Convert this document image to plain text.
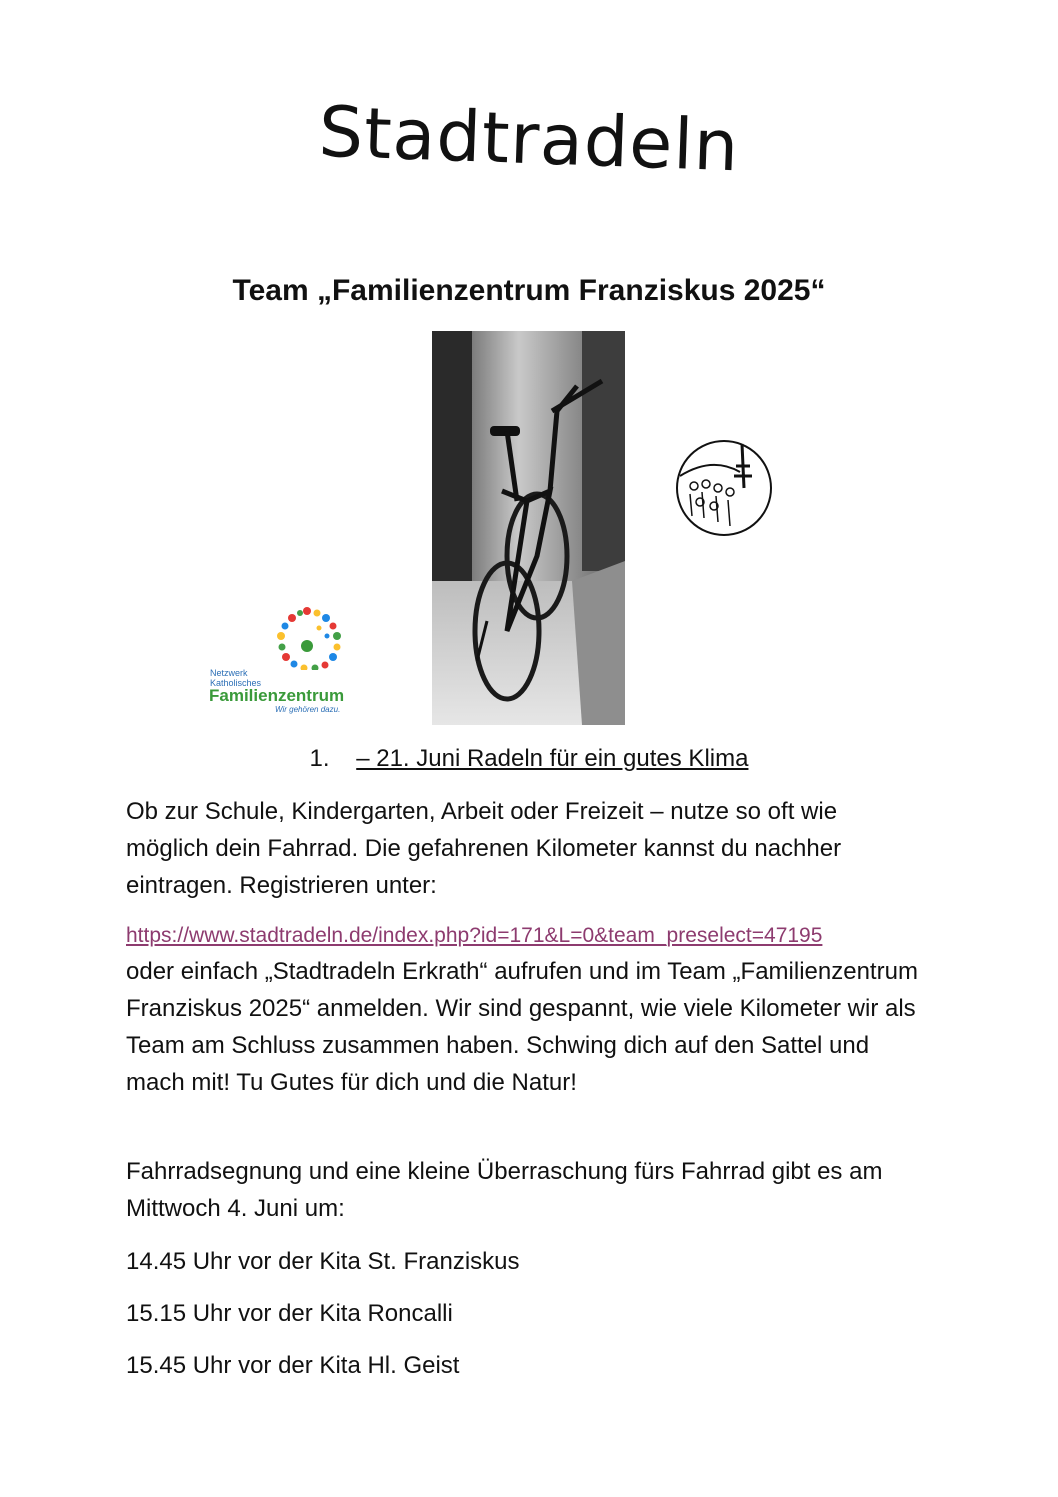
Stadtradeln
Team „Familienzentrum Franziskus 2025“
Netzwerk
Katholisches
Familienzentrum
Wir gehören dazu.
1. – 21. Juni Radeln für ein gutes Klima

Ob zur Schule, Kindergarten, Arbeit oder Freizeit – nutze so oft wie möglich dein Fahrrad. Die gefahrenen Kilometer kannst du nachher eintragen. Registrieren unter:

https://www.stadtradeln.de/index.php?id=171&L=0&team_preselect=47195

oder einfach „Stadtradeln Erkrath“ aufrufen und im Team „Familienzentrum Franziskus 2025“ anmelden. Wir sind gespannt, wie viele Kilometer wir als Team am Schluss zusammen haben. Schwing dich auf den Sattel und mach mit! Tu Gutes für dich und die Natur!

Fahrradsegnung und eine kleine Überraschung fürs Fahrrad gibt es am Mittwoch 4. Juni um:

14.45 Uhr vor der Kita St. Franziskus

15.15 Uhr vor der Kita Roncalli

15.45 Uhr vor der Kita Hl. Geist
